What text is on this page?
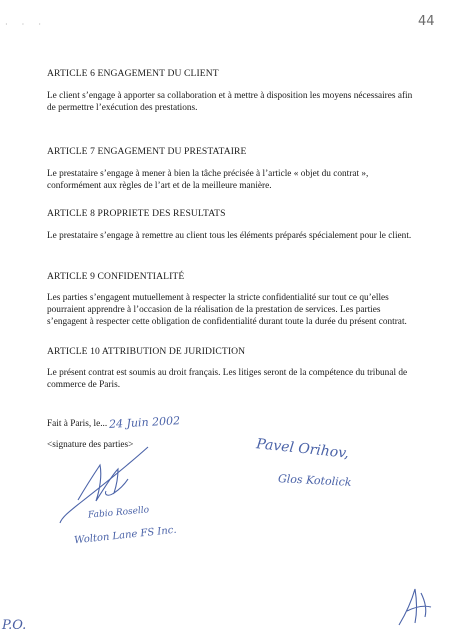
· · ·	44
ARTICLE 6 ENGAGEMENT DU CLIENT
Le client s’engage à apporter sa collaboration et à mettre à disposition les moyens nécessaires afin de permettre l’exécution des prestations.
ARTICLE 7 ENGAGEMENT DU PRESTATAIRE
Le prestataire s’engage à mener à bien la tâche précisée à l’article « objet du contrat », conformément aux règles de l’art et de la meilleure manière.
ARTICLE 8 PROPRIETE DES RESULTATS
Le prestataire s’engage à remettre au client tous les éléments préparés spécialement pour le client.
ARTICLE 9 CONFIDENTIALITÉ
Les parties s’engagent mutuellement à respecter la stricte confidentialité sur tout ce qu’elles pourraient apprendre à l’occasion de la réalisation de la prestation de services. Les parties s’engagent à respecter cette obligation de confidentialité durant toute la durée du présent contrat.
ARTICLE 10 ATTRIBUTION DE JURIDICTION
Le présent contrat est soumis au droit français. Les litiges seront de la compétence du tribunal de commerce de Paris.
Fait à Paris, le... 24 Juin 2002
<signature des parties>
Fabio Rosello
Wolton Lane FS Inc.
Pavel Orihov,
Glos Kotolick
P.O.
